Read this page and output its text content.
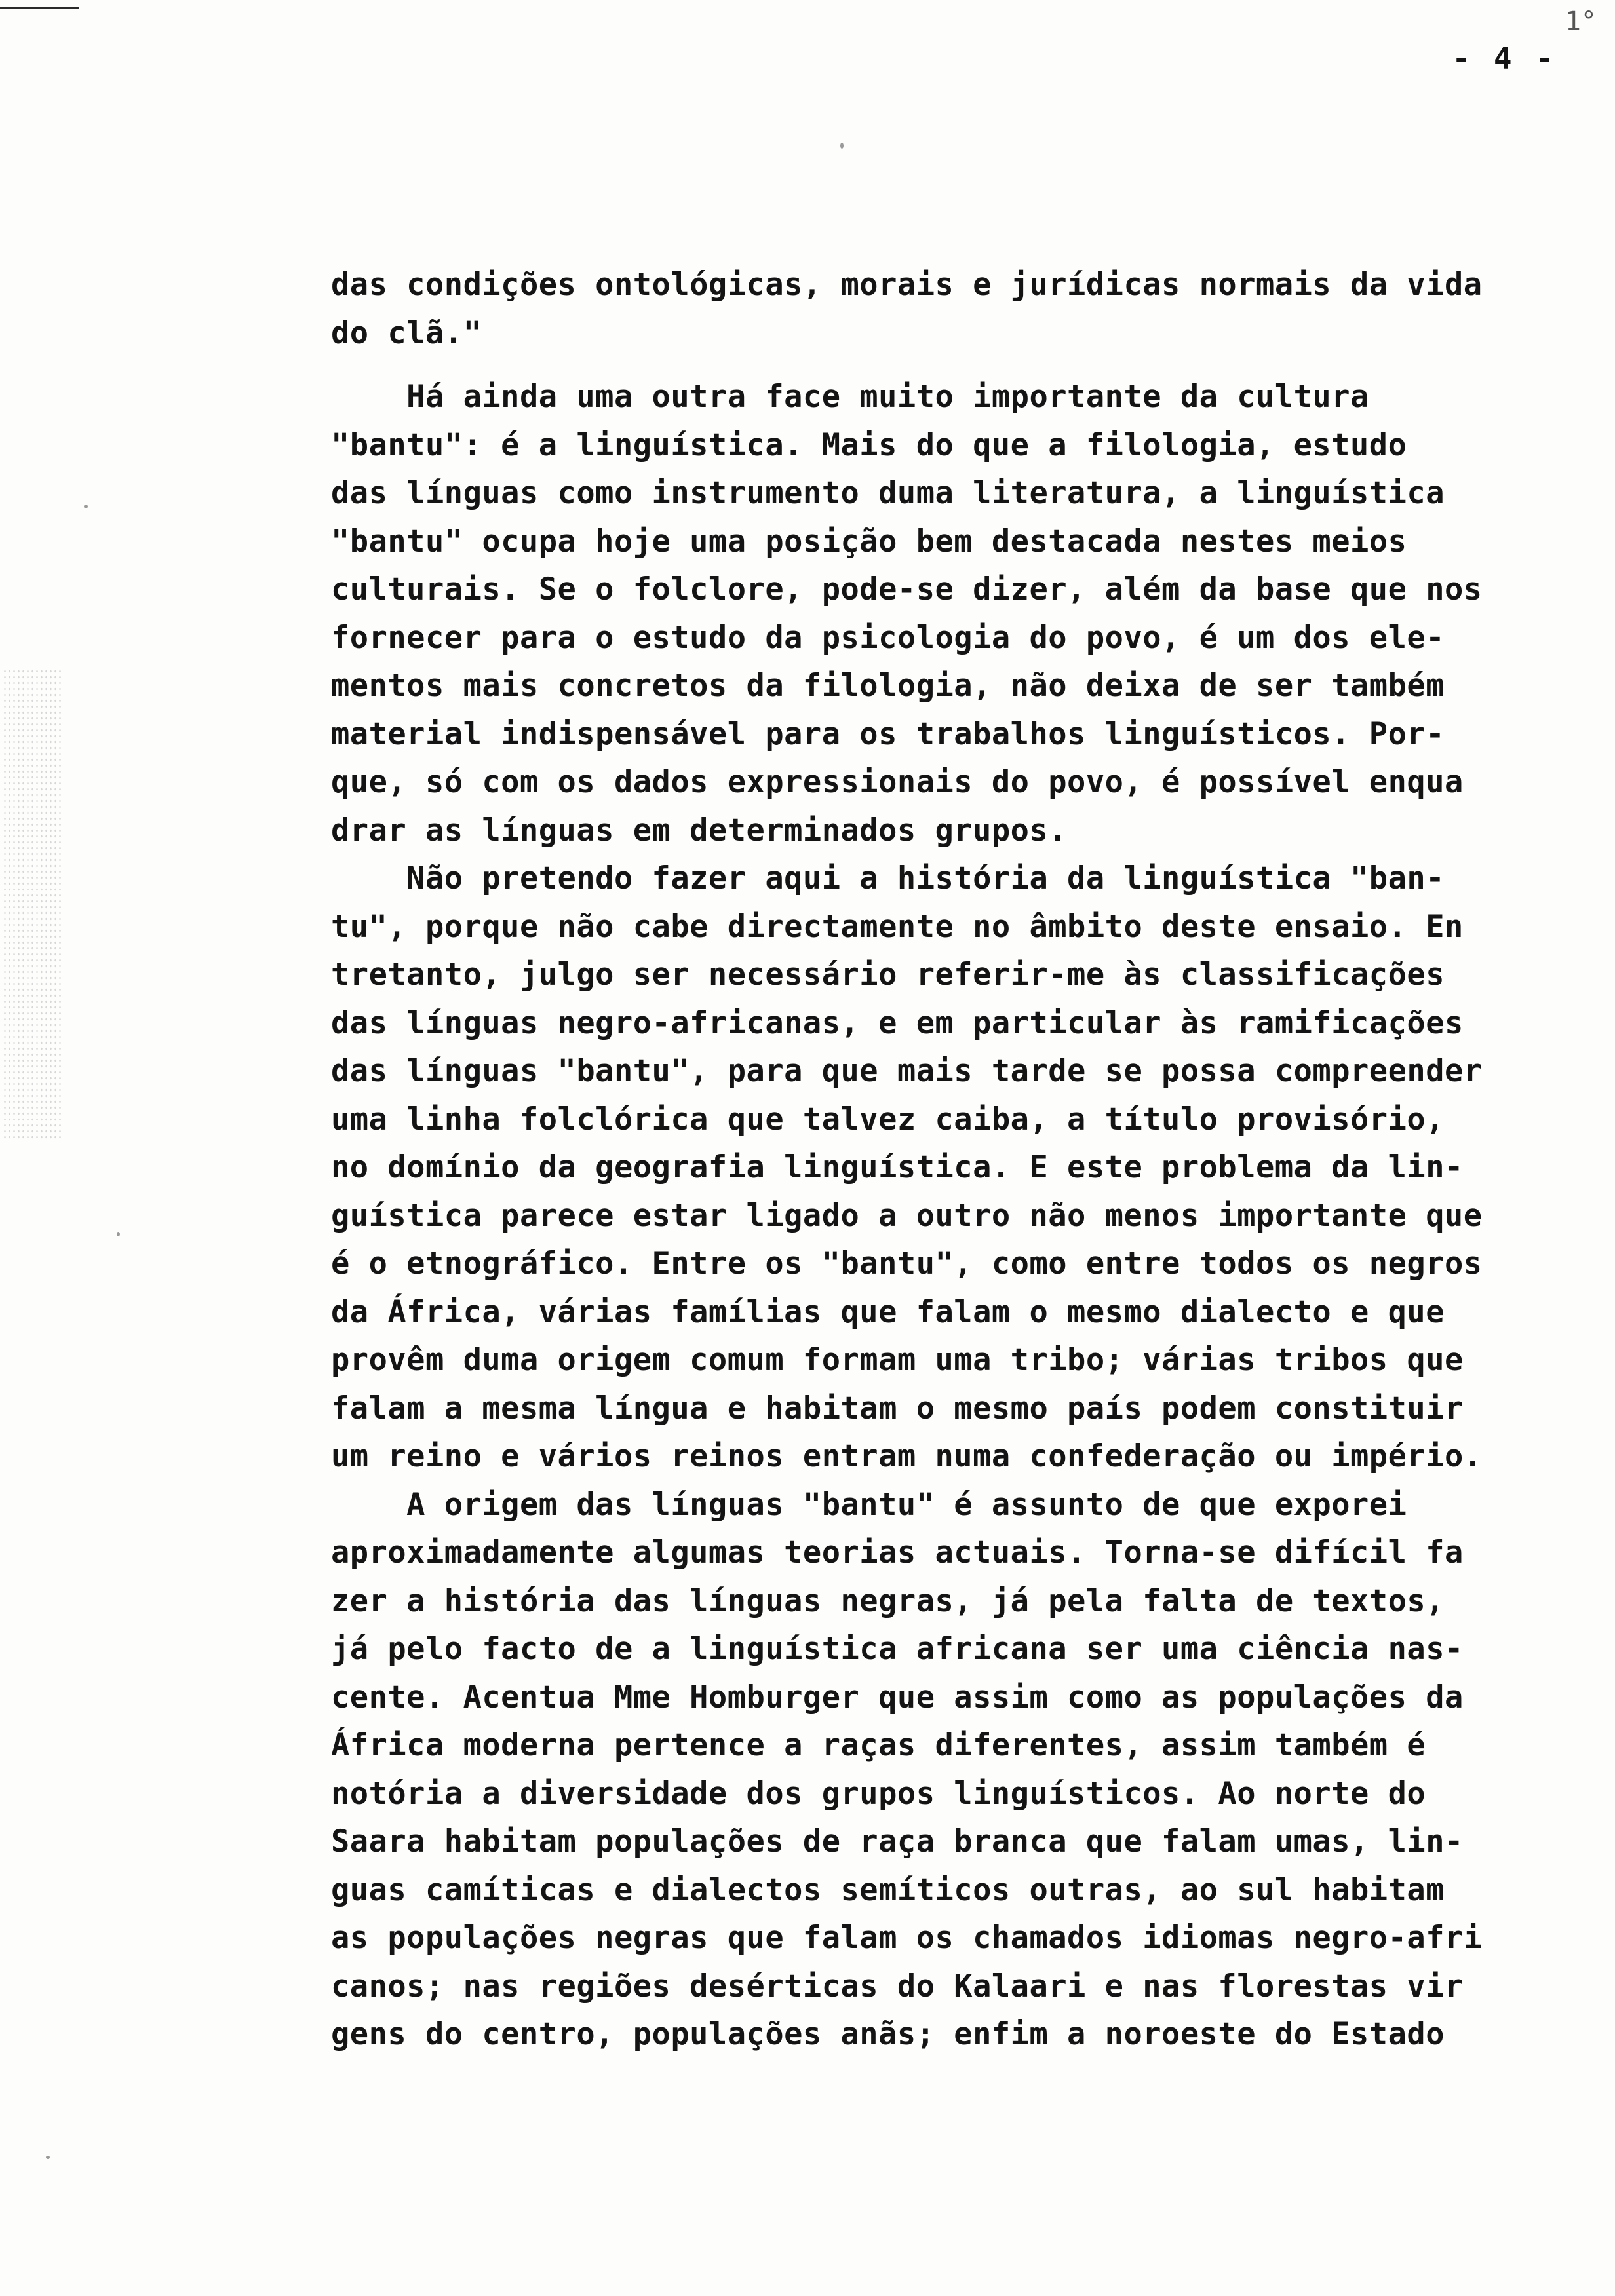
1°
- 4 -
das condições ontológicas, morais e jurídicas normais da vida
do clã."
Há ainda uma outra face muito importante da cultura
"bantu": é a linguística. Mais do que a filologia, estudo
das línguas como instrumento duma literatura, a linguística
"bantu" ocupa hoje uma posição bem destacada nestes meios
culturais. Se o folclore, pode-se dizer, além da base que nos
fornecer para o estudo da psicologia do povo, é um dos ele-
mentos mais concretos da filologia, não deixa de ser também
material indispensável para os trabalhos linguísticos. Por-
que, só com os dados expressionais do povo, é possível enqua
drar as línguas em determinados grupos.
Não pretendo fazer aqui a história da linguística "ban-
tu", porque não cabe directamente no âmbito deste ensaio. En
tretanto, julgo ser necessário referir-me às classificações
das línguas negro-africanas, e em particular às ramificações
das línguas "bantu", para que mais tarde se possa compreender
uma linha folclórica que talvez caiba, a título provisório,
no domínio da geografia linguística. E este problema da lin-
guística parece estar ligado a outro não menos importante que
é o etnográfico. Entre os "bantu", como entre todos os negros
da África, várias famílias que falam o mesmo dialecto e que
provêm duma origem comum formam uma tribo; várias tribos que
falam a mesma língua e habitam o mesmo país podem constituir
um reino e vários reinos entram numa confederação ou império.
A origem das línguas "bantu" é assunto de que exporei
aproximadamente algumas teorias actuais. Torna-se difícil fa
zer a história das línguas negras, já pela falta de textos,
já pelo facto de a linguística africana ser uma ciência nas-
cente. Acentua Mme Homburger que assim como as populações da
África moderna pertence a raças diferentes, assim também é
notória a diversidade dos grupos linguísticos. Ao norte do
Saara habitam populações de raça branca que falam umas, lin-
guas camíticas e dialectos semíticos outras, ao sul habitam
as populações negras que falam os chamados idiomas negro-afri
canos; nas regiões desérticas do Kalaari e nas florestas vir
gens do centro, populações anãs; enfim a noroeste do Estado
